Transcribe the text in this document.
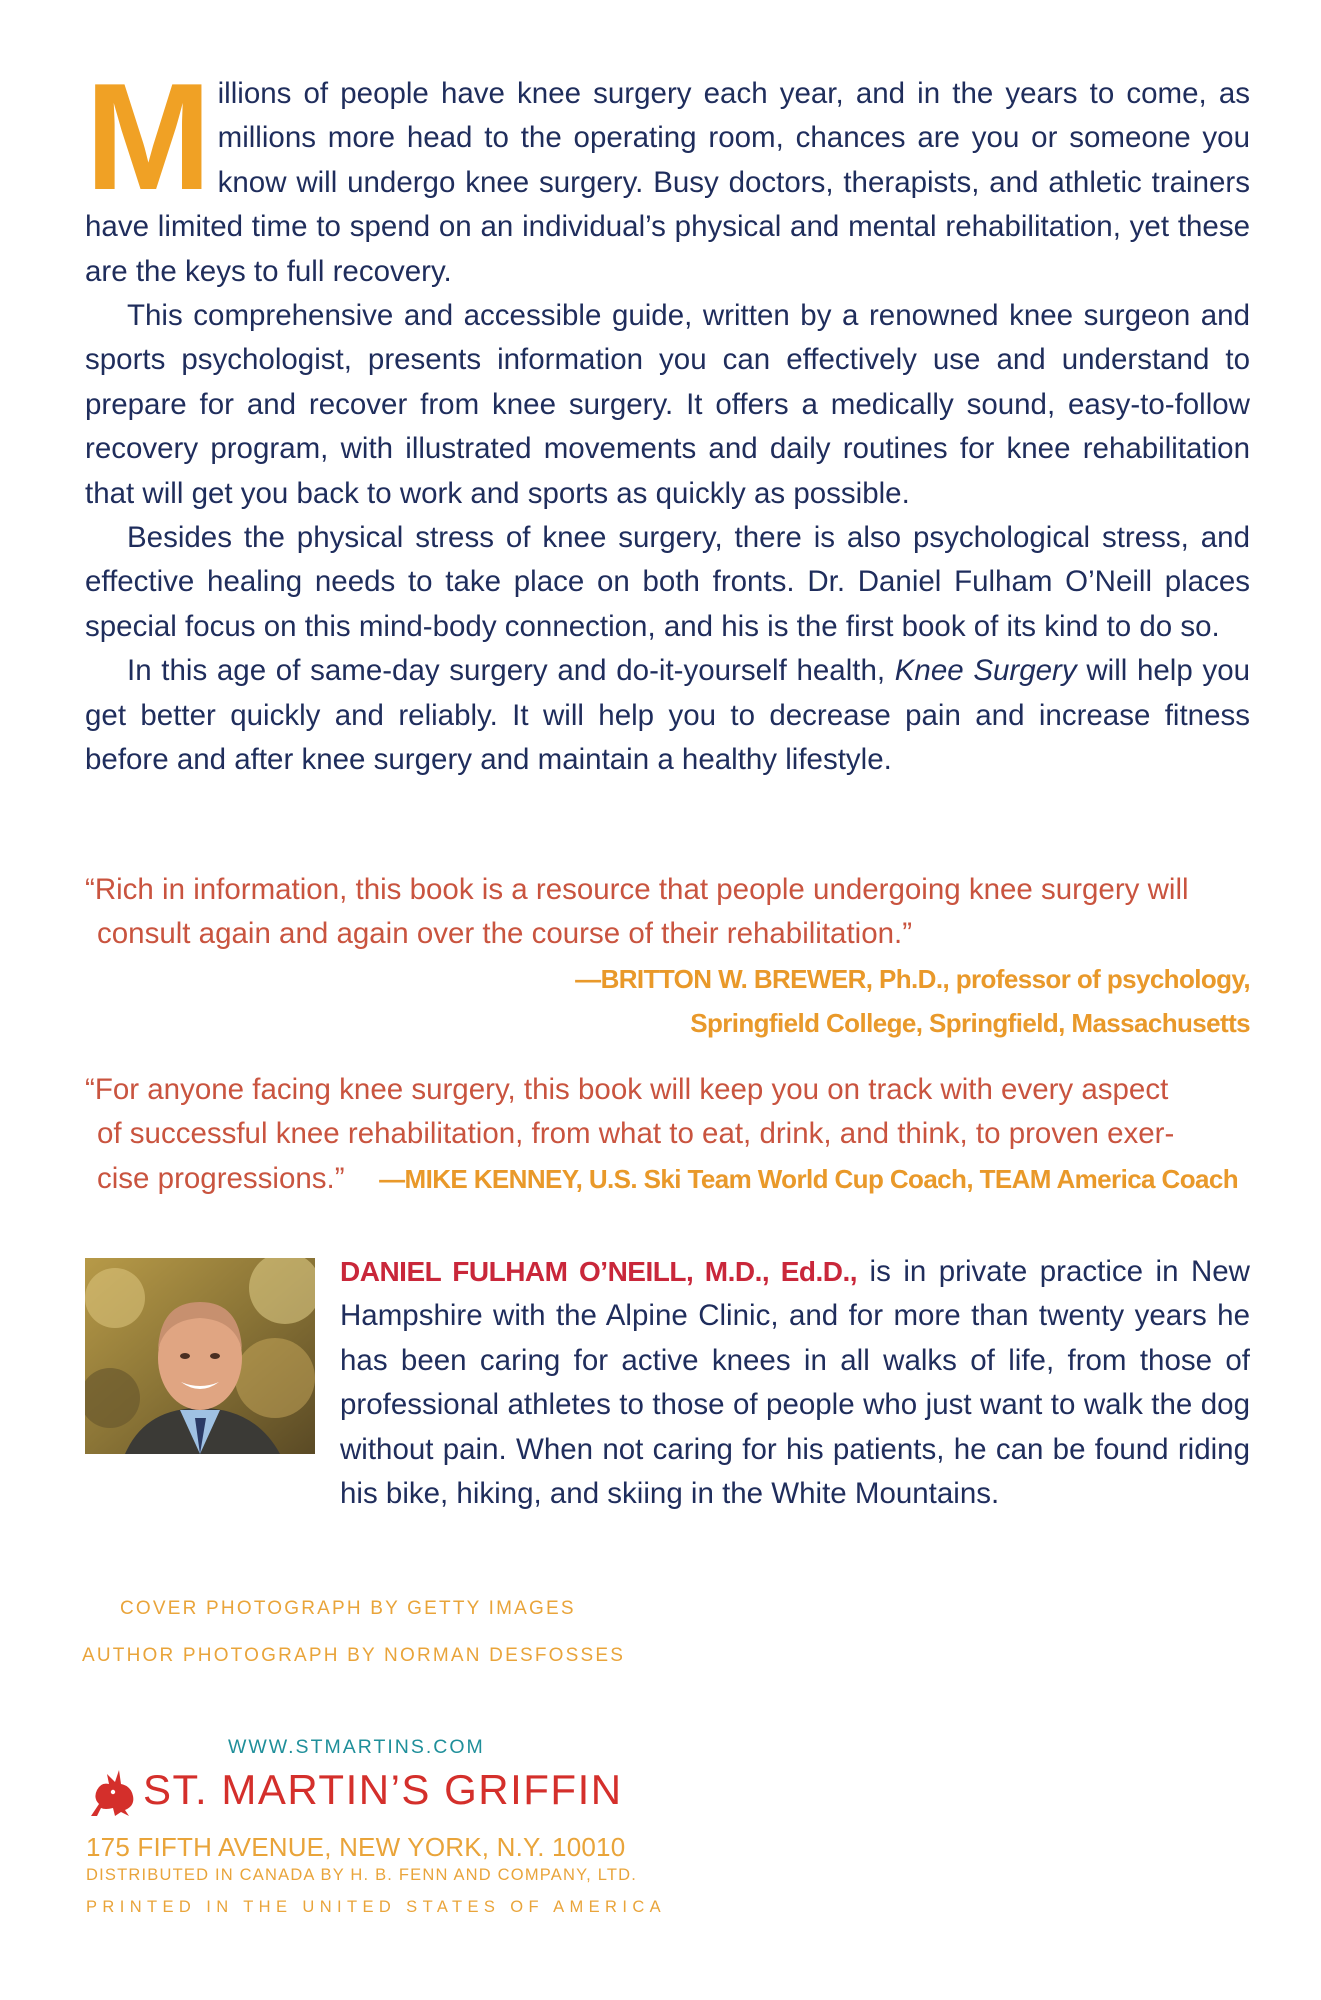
Millions of people have knee surgery each year, and in the years to come, as millions more head to the operating room, chances are you or someone you know will undergo knee surgery. Busy doctors, therapists, and athletic trainers have limited time to spend on an individual’s physical and mental rehabilitation, yet these are the keys to full recovery.

This comprehensive and accessible guide, written by a renowned knee surgeon and sports psychologist, presents information you can effectively use and understand to prepare for and recover from knee surgery. It offers a medically sound, easy-to-follow recovery program, with illustrated movements and daily routines for knee rehabilitation that will get you back to work and sports as quickly as possible.

Besides the physical stress of knee surgery, there is also psychological stress, and effective healing needs to take place on both fronts. Dr. Daniel Fulham O’Neill places special focus on this mind-body connection, and his is the first book of its kind to do so.

In this age of same-day surgery and do-it-yourself health, Knee Surgery will help you get better quickly and reliably. It will help you to decrease pain and increase fitness before and after knee surgery and maintain a healthy lifestyle.

“Rich in information, this book is a resource that people undergoing knee surgery will

consult again and again over the course of their rehabilitation.”

—BRITTON W. BREWER, Ph.D., professor of psychology,
Springfield College, Springfield, Massachusetts

“For anyone facing knee surgery, this book will keep you on track with every aspect

of successful knee rehabilitation, from what to eat, drink, and think, to proven exer-

cise progressions.” —MIKE KENNEY, U.S. Ski Team World Cup Coach, TEAM America Coach

DANIEL FULHAM O’NEILL, M.D., Ed.D., is in private practice in New Hampshire with the Alpine Clinic, and for more than twenty years he has been caring for active knees in all walks of life, from those of professional athletes to those of people who just want to walk the dog without pain. When not caring for his patients, he can be found riding his bike, hiking, and skiing in the White Mountains.
COVER PHOTOGRAPH BY GETTY IMAGES
AUTHOR PHOTOGRAPH BY NORMAN DESFOSSES
WWW.STMARTINS.COM
ST. MARTIN’S GRIFFIN
175 FIFTH AVENUE, NEW YORK, N.Y. 10010
DISTRIBUTED IN CANADA BY H. B. FENN AND COMPANY, LTD.
PRINTED IN THE UNITED STATES OF AMERICA
